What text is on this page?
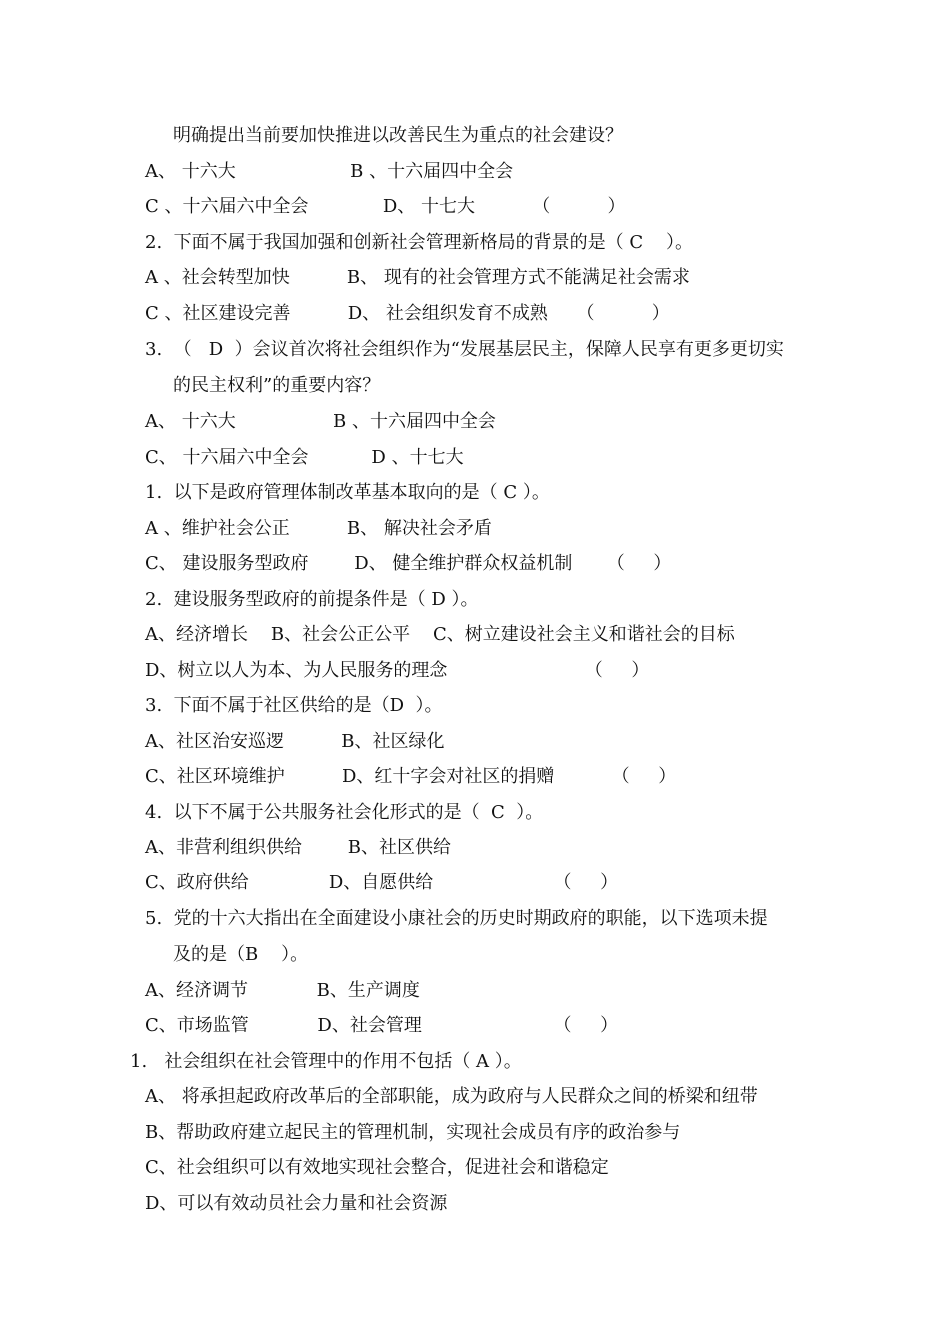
明确提出当前要加快推进以改善民生为重点的社会建设？
A、 十六大                    B 、十六届四中全会
C 、十六届六中全会             D、 十七大          （          ）
2.  下面不属于我国加强和创新社会管理新格局的背景的是（ C    ）。
A 、社会转型加快          B、 现有的社会管理方式不能满足社会需求
C 、社区建设完善          D、 社会组织发育不成熟     （          ）
3.  （   D  ）会议首次将社会组织作为“发展基层民主，保障人民享有更多更切实
的民主权利”的重要内容？
A、 十六大                 B 、十六届四中全会
C、 十六届六中全会           D 、十七大
1.  以下是政府管理体制改革基本取向的是（ C ）。
A 、维护社会公正          B、 解决社会矛盾
C、 建设服务型政府        D、 健全维护群众权益机制      （     ）
2.  建设服务型政府的前提条件是（ D ）。
A、经济增长    B、社会公正公平    C、树立建设社会主义和谐社会的目标
D、树立以人为本、为人民服务的理念                        （     ）
3.  下面不属于社区供给的是（D  ）。
A、社区治安巡逻          B、社区绿化
C、社区环境维护          D、红十字会对社区的捐赠          （     ）
4.  以下不属于公共服务社会化形式的是（  C  ）。
A、非营利组织供给        B、社区供给
C、政府供给              D、自愿供给                     （     ）
5.  党的十六大指出在全面建设小康社会的历史时期政府的职能，以下选项未提
及的是（B    ）。
A、经济调节            B、生产调度
C、市场监管            D、社会管理                       （     ）
1.   社会组织在社会管理中的作用不包括（ A ）。
A、 将承担起政府改革后的全部职能，成为政府与人民群众之间的桥梁和纽带
B、帮助政府建立起民主的管理机制，实现社会成员有序的政治参与
C、社会组织可以有效地实现社会整合，促进社会和谐稳定
D、可以有效动员社会力量和社会资源
